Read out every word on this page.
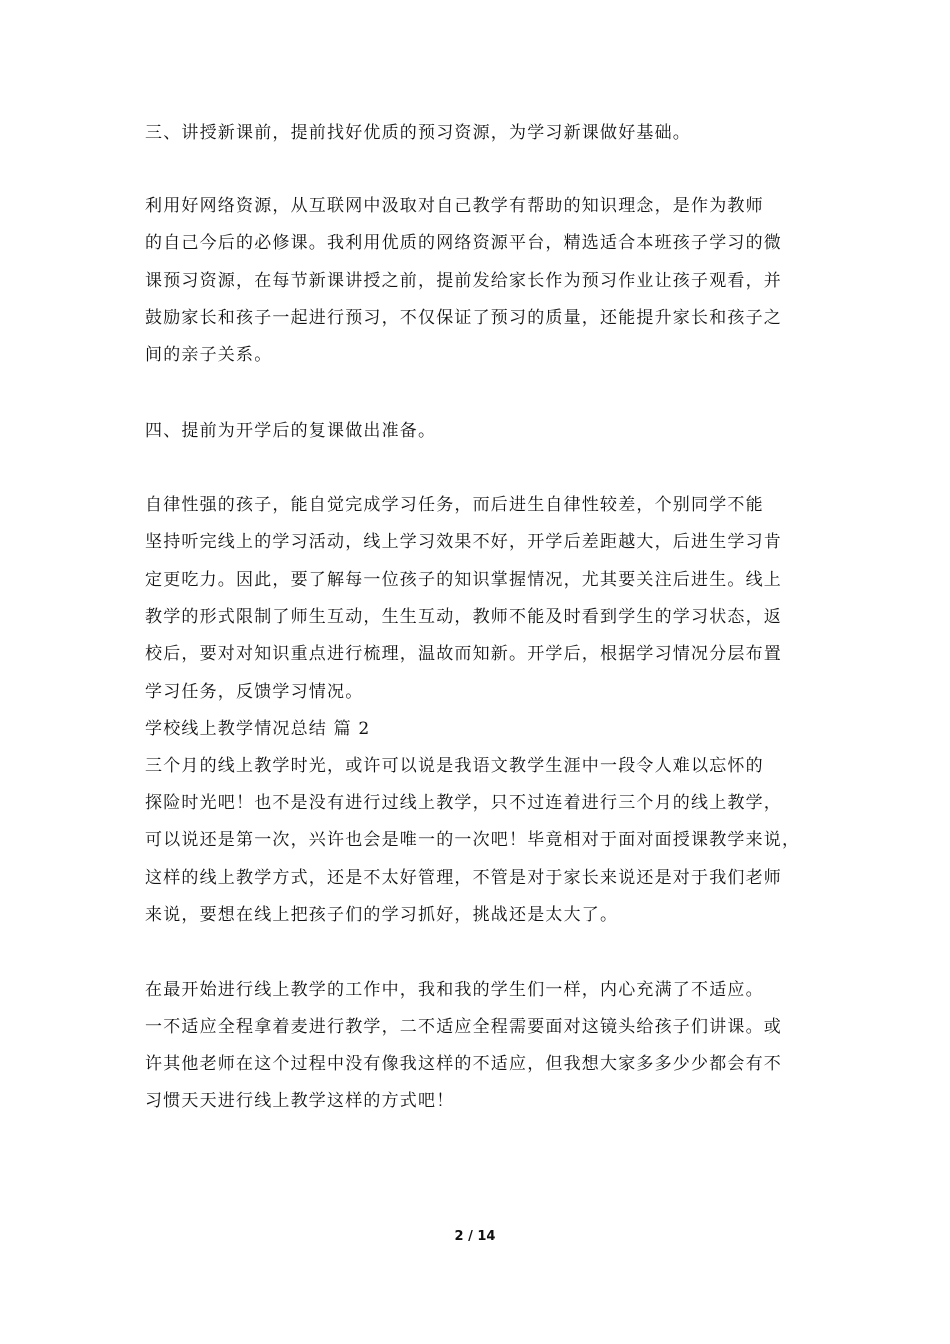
三、讲授新课前，提前找好优质的预习资源，为学习新课做好基础。
利用好网络资源，从互联网中汲取对自己教学有帮助的知识理念，是作为教师
的自己今后的必修课。我利用优质的网络资源平台，精选适合本班孩子学习的微
课预习资源，在每节新课讲授之前，提前发给家长作为预习作业让孩子观看，并
鼓励家长和孩子一起进行预习，不仅保证了预习的质量，还能提升家长和孩子之
间的亲子关系。
四、提前为开学后的复课做出准备。
自律性强的孩子，能自觉完成学习任务，而后进生自律性较差，个别同学不能
坚持听完线上的学习活动，线上学习效果不好，开学后差距越大，后进生学习肯
定更吃力。因此，要了解每一位孩子的知识掌握情况，尤其要关注后进生。线上
教学的形式限制了师生互动，生生互动，教师不能及时看到学生的学习状态，返
校后，要对对知识重点进行梳理，温故而知新。开学后，根据学习情况分层布置
学习任务，反馈学习情况。
学校线上教学情况总结 篇 2
三个月的线上教学时光，或许可以说是我语文教学生涯中一段令人难以忘怀的
探险时光吧！也不是没有进行过线上教学，只不过连着进行三个月的线上教学，
可以说还是第一次，兴许也会是唯一的一次吧！毕竟相对于面对面授课教学来说，
这样的线上教学方式，还是不太好管理，不管是对于家长来说还是对于我们老师
来说，要想在线上把孩子们的学习抓好，挑战还是太大了。
在最开始进行线上教学的工作中，我和我的学生们一样，内心充满了不适应。
一不适应全程拿着麦进行教学，二不适应全程需要面对这镜头给孩子们讲课。或
许其他老师在这个过程中没有像我这样的不适应，但我想大家多多少少都会有不
习惯天天进行线上教学这样的方式吧！
2 / 14
